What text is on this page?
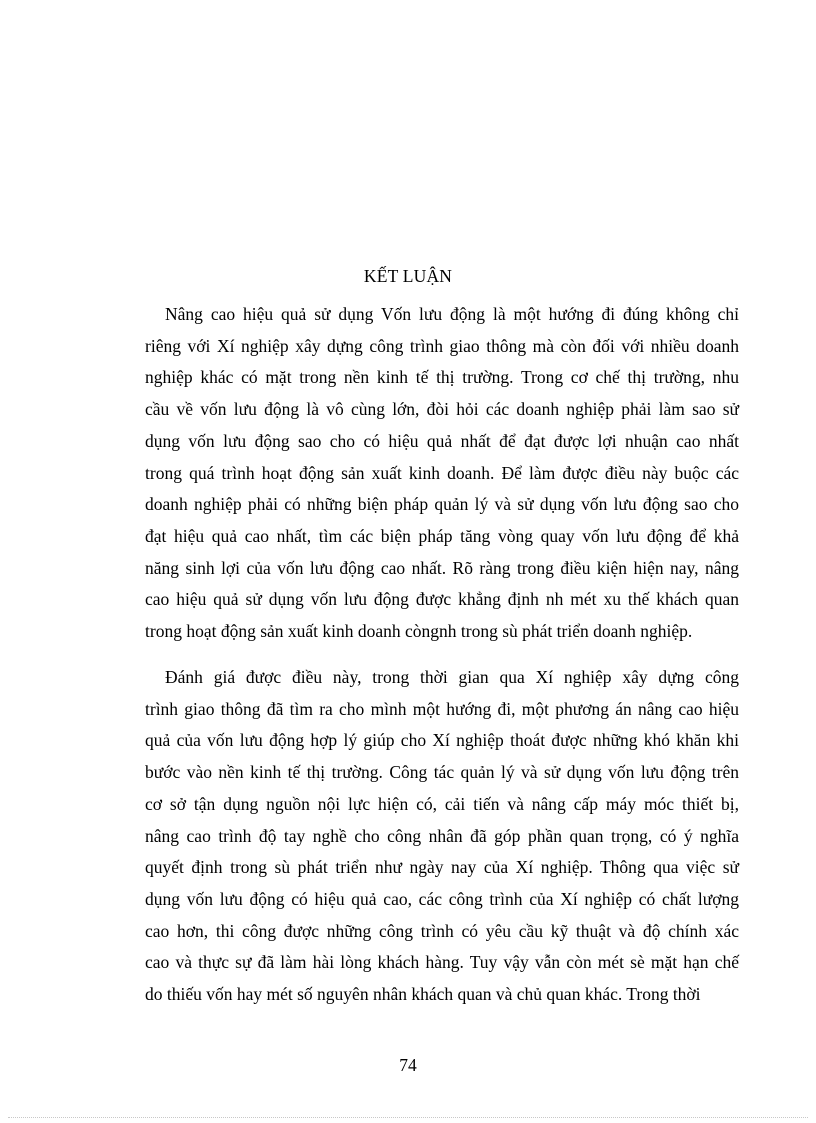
KẾT LUẬN
Nâng cao hiệu quả sử dụng Vốn lưu động là một hướng đi đúng không chỉ
riêng với Xí nghiệp xây dựng công trình giao thông mà còn đối với nhiều doanh
nghiệp khác có mặt trong nền kinh tế thị trường. Trong cơ chế thị trường, nhu
cầu về vốn lưu động là vô cùng lớn, đòi hỏi các doanh nghiệp phải làm sao sử
dụng vốn lưu động sao cho có hiệu quả nhất để đạt được lợi nhuận cao nhất
trong quá trình hoạt động sản xuất kinh doanh. Để làm được điều này buộc các
doanh nghiệp phải có những biện pháp quản lý và sử dụng vốn lưu động sao cho
đạt hiệu quả cao nhất, tìm các biện pháp tăng vòng quay vốn lưu động để khả
năng sinh lợi của vốn lưu động cao nhất. Rõ ràng trong điều kiện hiện nay, nâng
cao hiệu quả sử dụng vốn lưu động được khẳng định nh mét xu thế khách quan
trong hoạt động sản xuất kinh doanh còngnh trong sù phát triển doanh nghiệp.
Đánh giá được điều này, trong thời gian qua Xí nghiệp xây dựng công
trình giao thông đã tìm ra cho mình một hướng đi, một phương án nâng cao hiệu
quả của vốn lưu động hợp lý giúp cho Xí nghiệp thoát được những khó khăn khi
bước vào nền kinh tế thị trường. Công tác quản lý và sử dụng vốn lưu động trên
cơ sở tận dụng nguồn nội lực hiện có, cải tiến và nâng cấp máy móc thiết bị,
nâng cao trình độ tay nghề cho công nhân đã góp phần quan trọng, có ý nghĩa
quyết định trong sù phát triển như ngày nay của Xí nghiệp. Thông qua việc sử
dụng vốn lưu động có hiệu quả cao, các công trình của Xí nghiệp có chất lượng
cao hơn, thi công được những công trình có yêu cầu kỹ thuật và độ chính xác
cao và thực sự đã làm hài lòng khách hàng. Tuy vậy vẫn còn mét sè mặt hạn chế
do thiếu vốn hay mét số nguyên nhân khách quan và chủ quan khác. Trong thời
74
